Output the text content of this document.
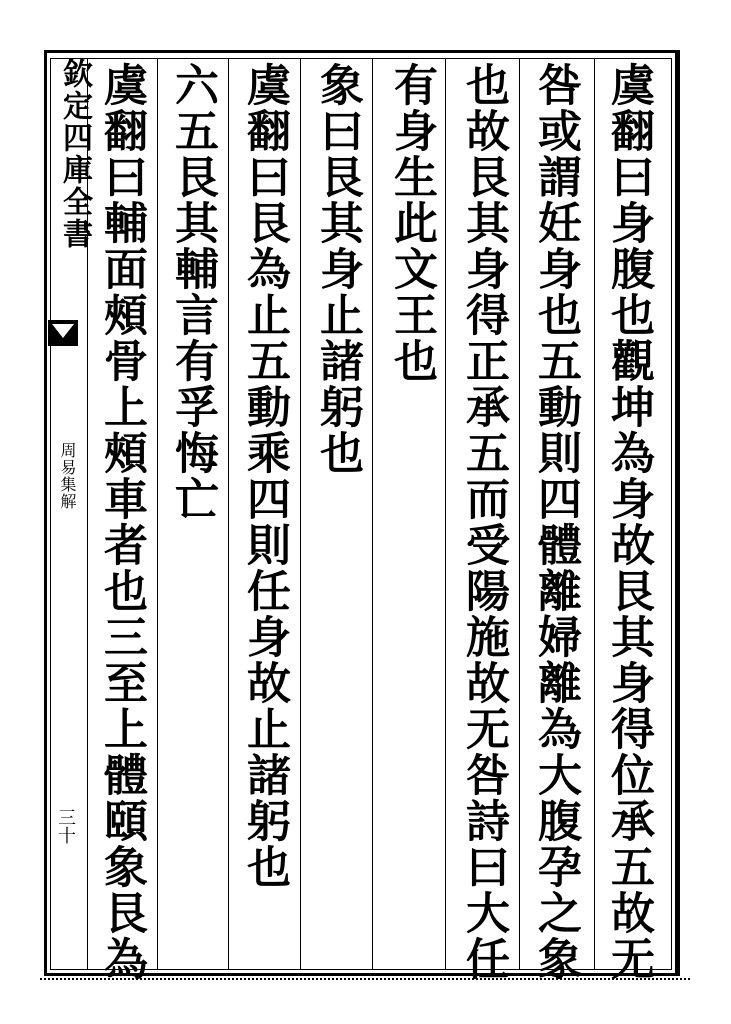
欽定四庫全書
周易集解
三十	虞翻曰身腹也觀坤為身故艮其身得位承五故无
咎或謂妊身也五動則四體離婦離為大腹孕之象
也故艮其身得正承五而受陽施故无咎詩曰大任
有身生此文王也
象曰艮其身止諸躬也
虞翻曰艮為止五動乘四則任身故止諸躬也
六五艮其輔言有孚悔亡
虞翻曰輔面頰骨上頰車者也三至上體頤象艮為
